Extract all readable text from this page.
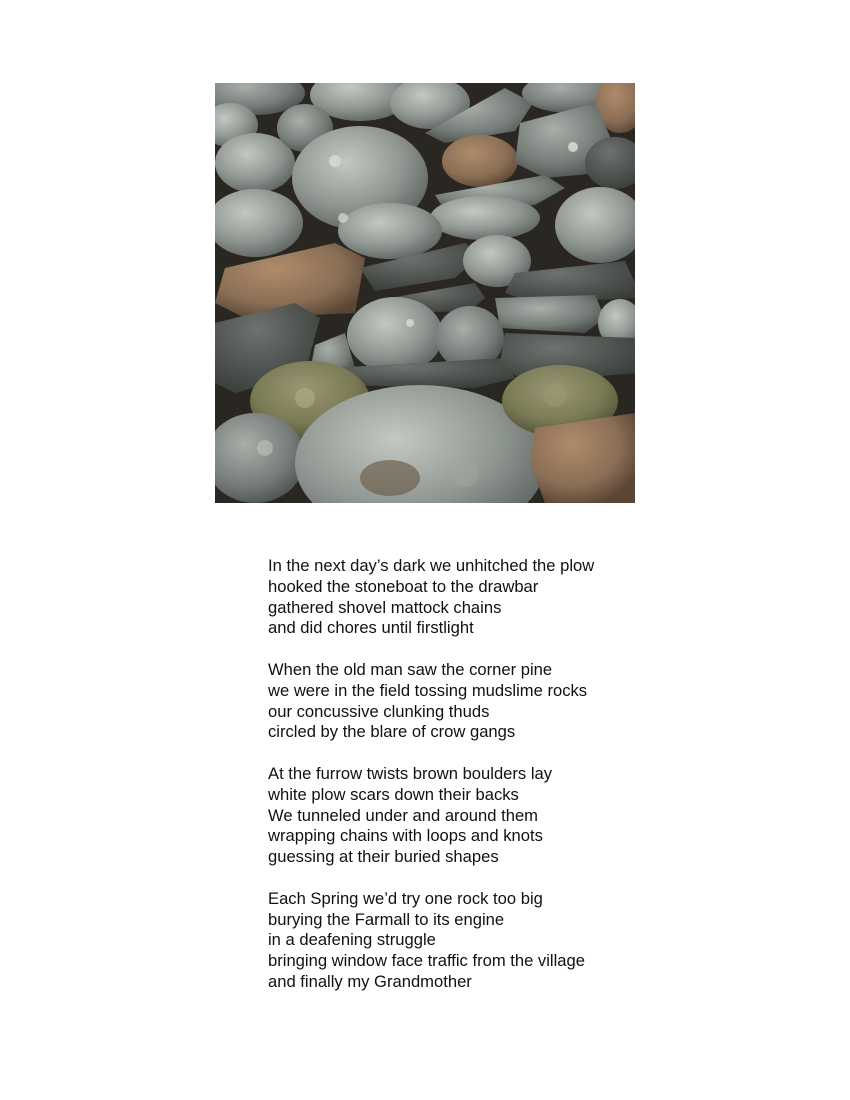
In the next day’s dark we unhitched the plow
hooked the stoneboat to the drawbar
gathered shovel mattock chains
and did chores until firstlight
When the old man saw the corner pine
we were in the field tossing mudslime rocks
our concussive clunking thuds
circled by the blare of crow gangs
At the furrow twists brown boulders lay
white plow scars down their backs
We tunneled under and around them
wrapping chains with loops and knots
guessing at their buried shapes
Each Spring we’d try one rock too big
burying the Farmall to its engine
in a deafening struggle
bringing window face traffic from the village
and finally my Grandmother
